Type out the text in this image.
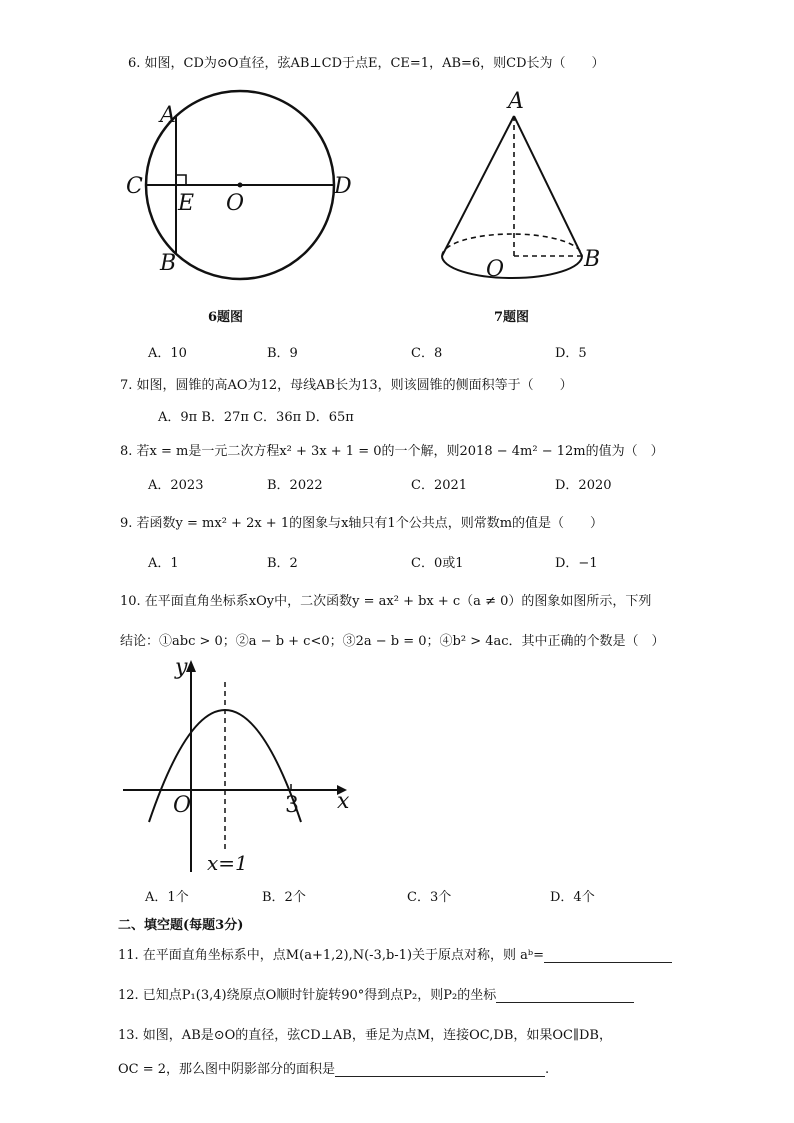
6. 如图，CD为⊙O直径，弦AB⊥CD于点E，CE=1，AB=6，则CD长为（　　）
A
B
C	D
E O
A
B
O
6题图	7题图
A．10	B．9	C．8	D．5
7. 如图，圆锥的高AO为12，母线AB长为13，则该圆锥的侧面积等于（　　）
A．9π B．27π C．36π D．65π
8. 若x = m是一元二次方程x² + 3x + 1 = 0的一个解，则2018 − 4m² − 12m的值为（　）
A．2023	B．2022	C．2021	D．2020
9. 若函数y = mx² + 2x + 1的图象与x轴只有1个公共点，则常数m的值是（　　）
A．1	B．2	C．0或1	D．−1
10. 在平面直角坐标系xOy中，二次函数y = ax² + bx + c（a ≠ 0）的图象如图所示，下列
结论：①abc > 0；②a − b + c<0；③2a − b = 0；④b² > 4ac．其中正确的个数是（　）
y
x
O	3
x=1
A．1个	B．2个	C．3个	D．4个
二、填空题(每题3分)
11. 在平面直角坐标系中，点M(a+1,2),N(-3,b-1)关于原点对称，则 aᵇ=
12. 已知点P₁(3,4)绕原点O顺时针旋转90°得到点P₂，则P₂的坐标
13. 如图，AB是⊙O的直径，弦CD⊥AB，垂足为点M，连接OC,DB，如果OC∥DB，
OC = 2，那么图中阴影部分的面积是	.
